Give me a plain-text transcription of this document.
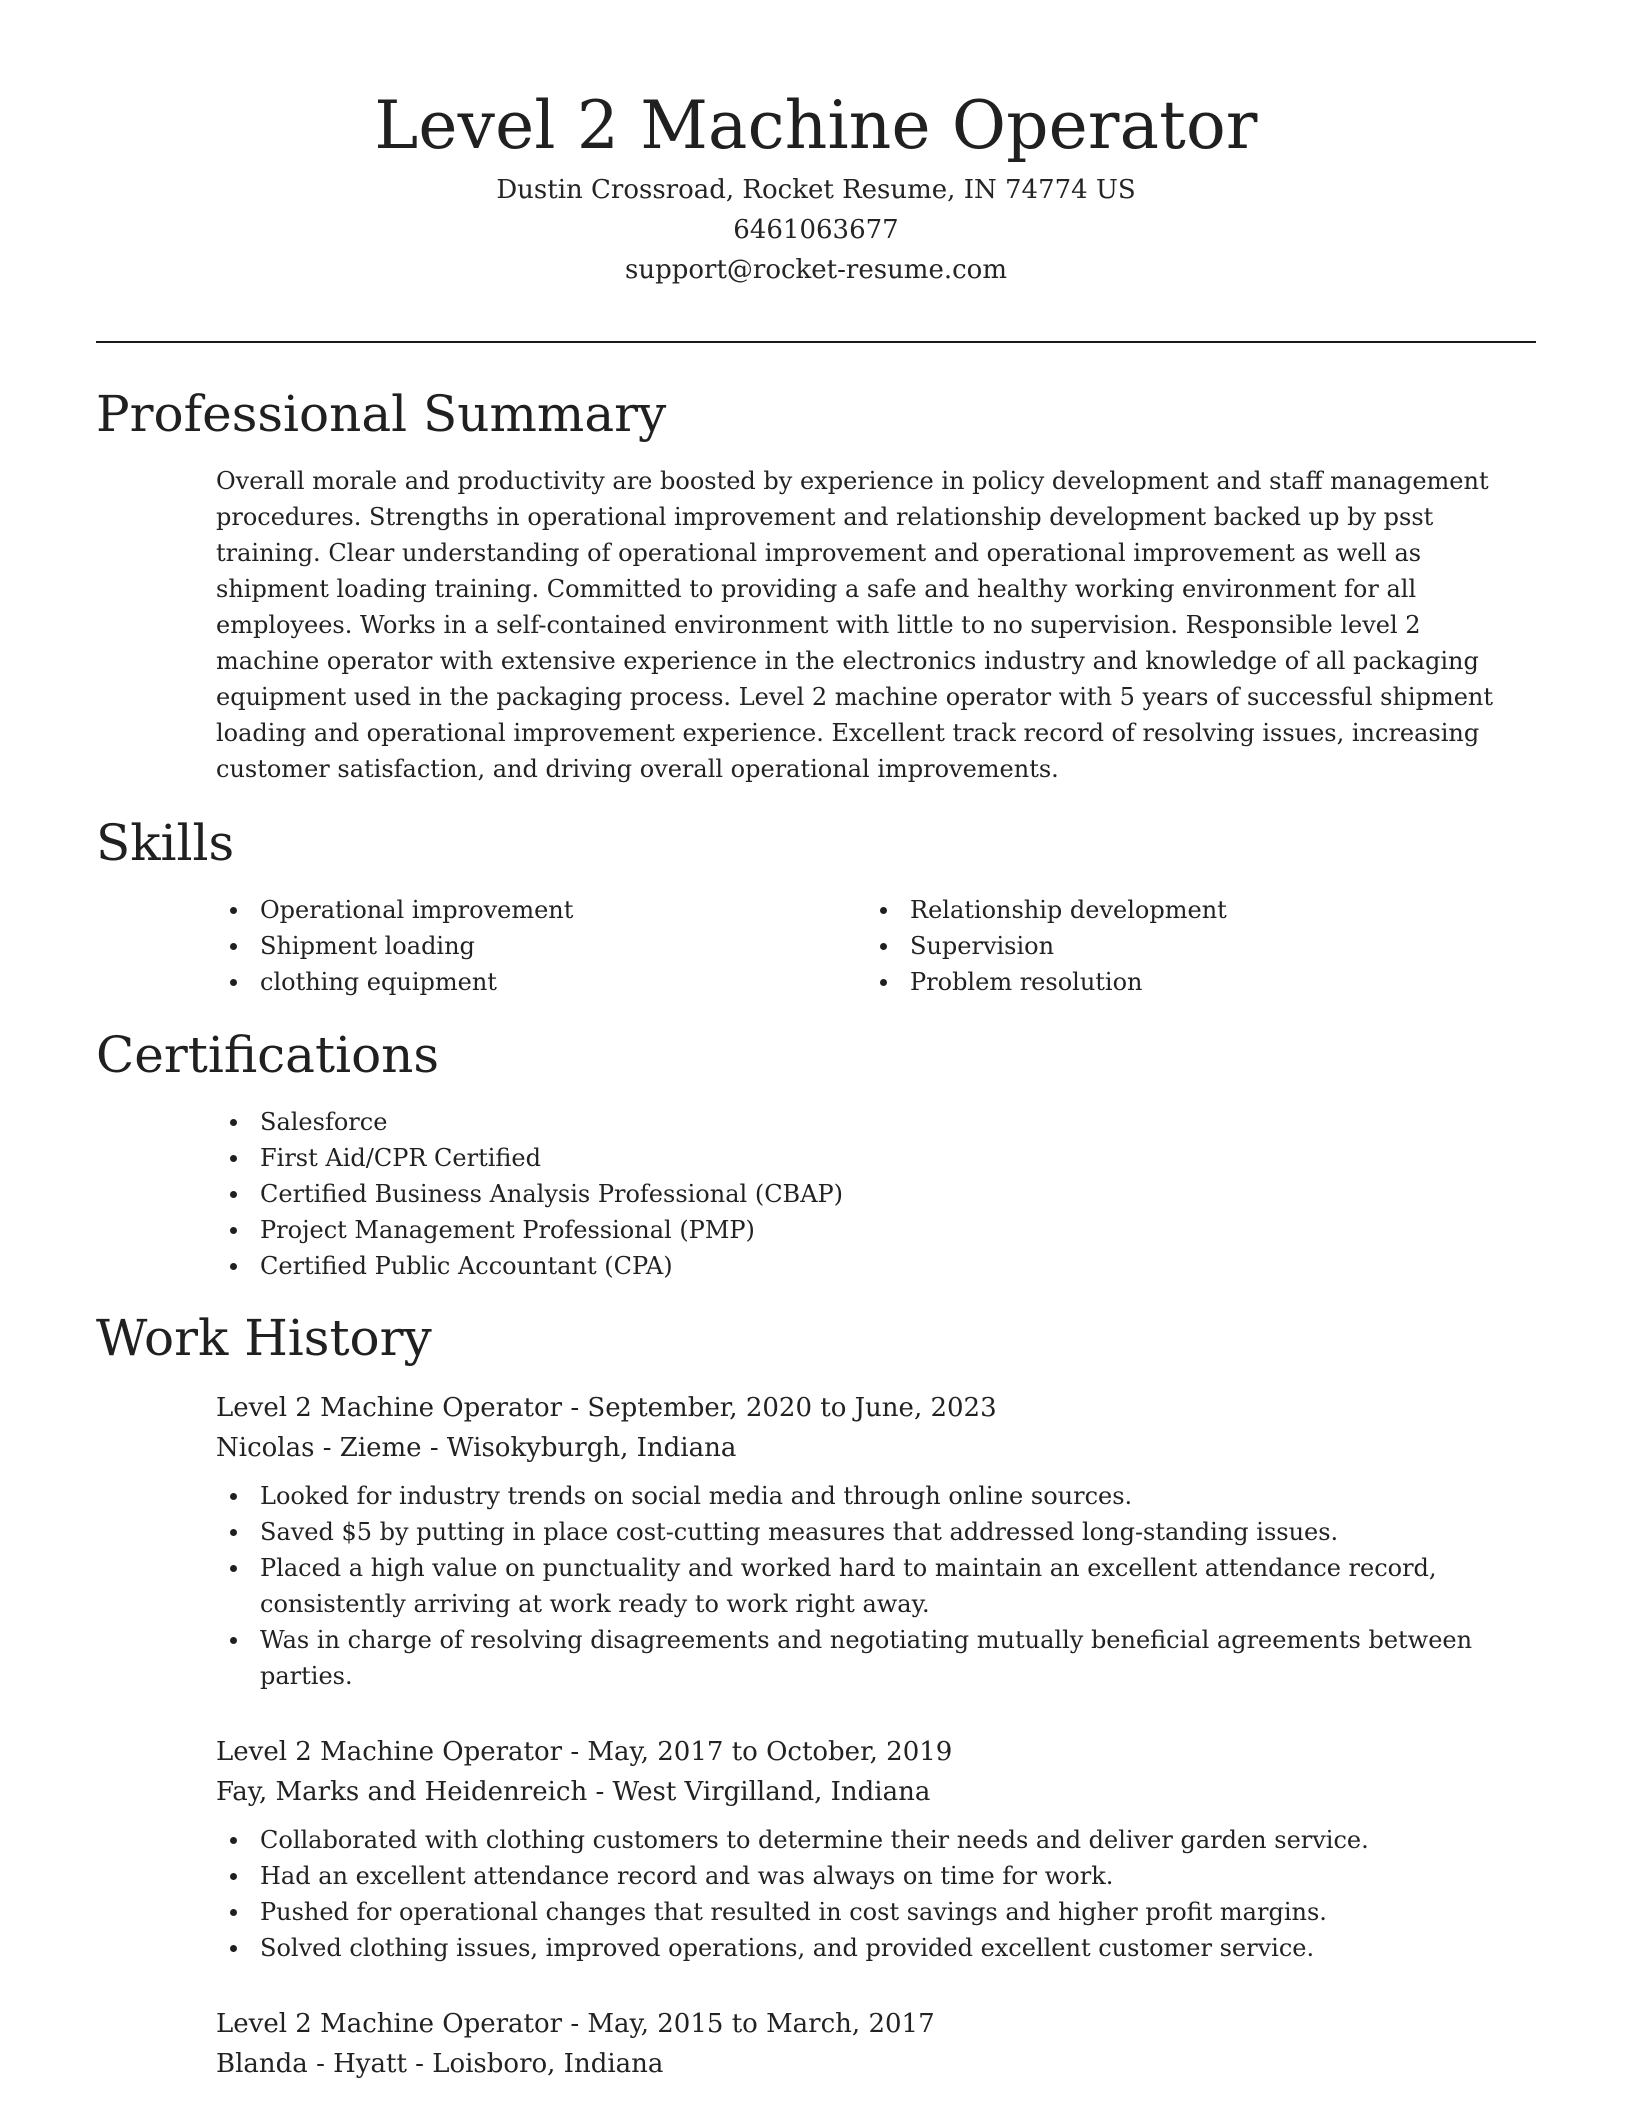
Level 2 Machine Operator

Dustin Crossroad, Rocket Resume, IN 74774 US

6461063677

support@rocket-resume.com

Professional Summary

Overall morale and productivity are boosted by experience in policy development and staff management procedures. Strengths in operational improvement and relationship development backed up by psst training. Clear understanding of operational improvement and operational improvement as well as shipment loading training. Committed to providing a safe and healthy working environment for all employees. Works in a self-contained environment with little to no supervision. Responsible level 2 machine operator with extensive experience in the electronics industry and knowledge of all packaging equipment used in the packaging process. Level 2 machine operator with 5 years of successful shipment loading and operational improvement experience. Excellent track record of resolving issues, increasing customer satisfaction, and driving overall operational improvements.

Skills
Operational improvement
Shipment loading
clothing equipment
Relationship development
Supervision
Problem resolution
Certifications
Salesforce
First Aid/CPR Certified
Certified Business Analysis Professional (CBAP)
Project Management Professional (PMP)
Certified Public Accountant (CPA)
Work History

Level 2 Machine Operator - September, 2020 to June, 2023

Nicolas - Zieme - Wisokyburgh, Indiana

Looked for industry trends on social media and through online sources.
Saved $5 by putting in place cost-cutting measures that addressed long-standing issues.
Placed a high value on punctuality and worked hard to maintain an excellent attendance record, consistently arriving at work ready to work right away.
Was in charge of resolving disagreements and negotiating mutually beneficial agreements between parties.

Level 2 Machine Operator - May, 2017 to October, 2019

Fay, Marks and Heidenreich - West Virgilland, Indiana

Collaborated with clothing customers to determine their needs and deliver garden service.
Had an excellent attendance record and was always on time for work.
Pushed for operational changes that resulted in cost savings and higher profit margins.
Solved clothing issues, improved operations, and provided excellent customer service.

Level 2 Machine Operator - May, 2015 to March, 2017

Blanda - Hyatt - Loisboro, Indiana
